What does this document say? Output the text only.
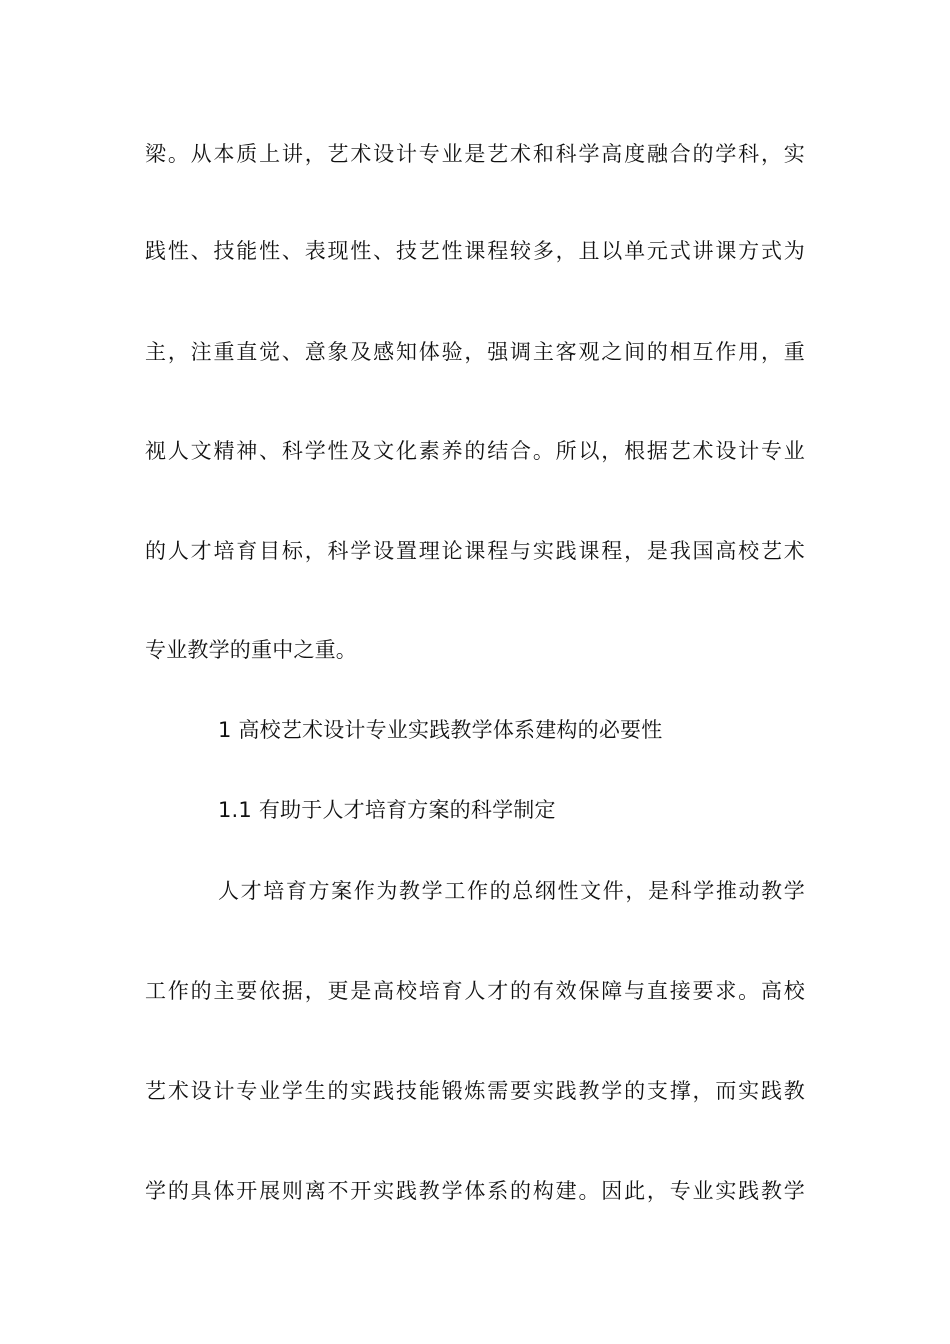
梁。从本质上讲，艺术设计专业是艺术和科学高度融合的学科，实
践性、技能性、表现性、技艺性课程较多，且以单元式讲课方式为
主，注重直觉、意象及感知体验，强调主客观之间的相互作用，重
视人文精神、科学性及文化素养的结合。所以，根据艺术设计专业
的人才培育目标，科学设置理论课程与实践课程，是我国高校艺术
专业教学的重中之重。
1 高校艺术设计专业实践教学体系建构的必要性
1.1 有助于人才培育方案的科学制定
人才培育方案作为教学工作的总纲性文件，是科学推动教学
工作的主要依据，更是高校培育人才的有效保障与直接要求。高校
艺术设计专业学生的实践技能锻炼需要实践教学的支撑，而实践教
学的具体开展则离不开实践教学体系的构建。因此，专业实践教学
